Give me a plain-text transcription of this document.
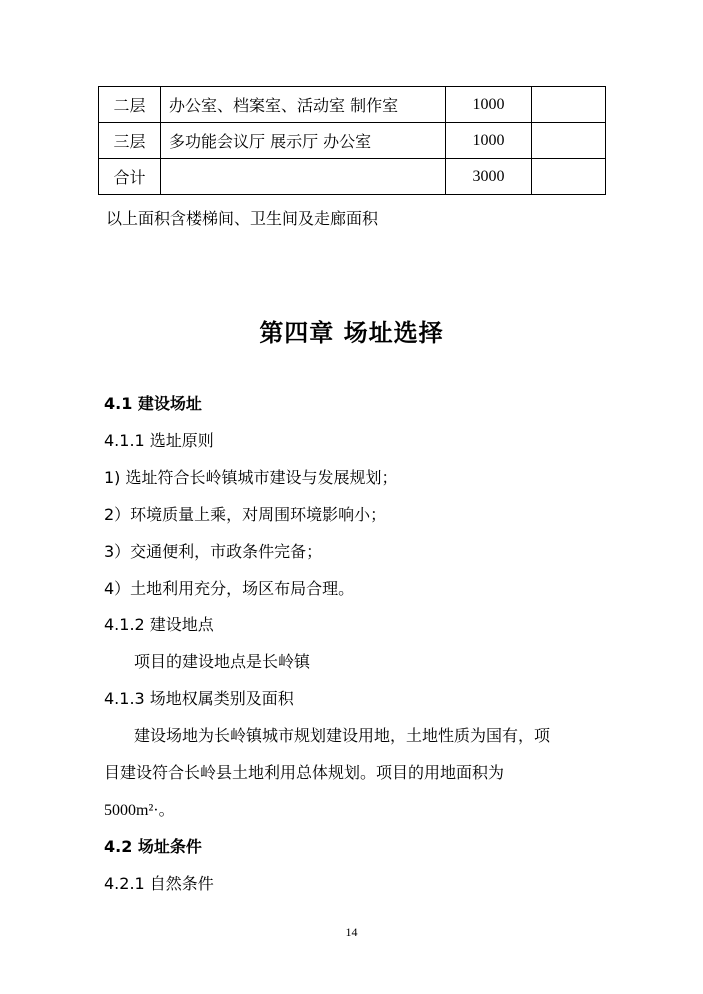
二层	办公室、档案室、活动室 制作室	1000	
三层	多功能会议厅 展示厅 办公室	1000	
合计		3000	
以上面积含楼梯间、卫生间及走廊面积
第四章 场址选择
4.1 建设场址
4.1.1 选址原则
1) 选址符合长岭镇城市建设与发展规划；
2）环境质量上乘，对周围环境影响小；
3）交通便利，市政条件完备；
4）土地利用充分，场区布局合理。
4.1.2 建设地点
项目的建设地点是长岭镇
4.1.3 场地权属类别及面积
建设场地为长岭镇城市规划建设用地，土地性质为国有，项
目建设符合长岭县土地利用总体规划。项目的用地面积为
5000m²·。
4.2 场址条件
4.2.1 自然条件
14
